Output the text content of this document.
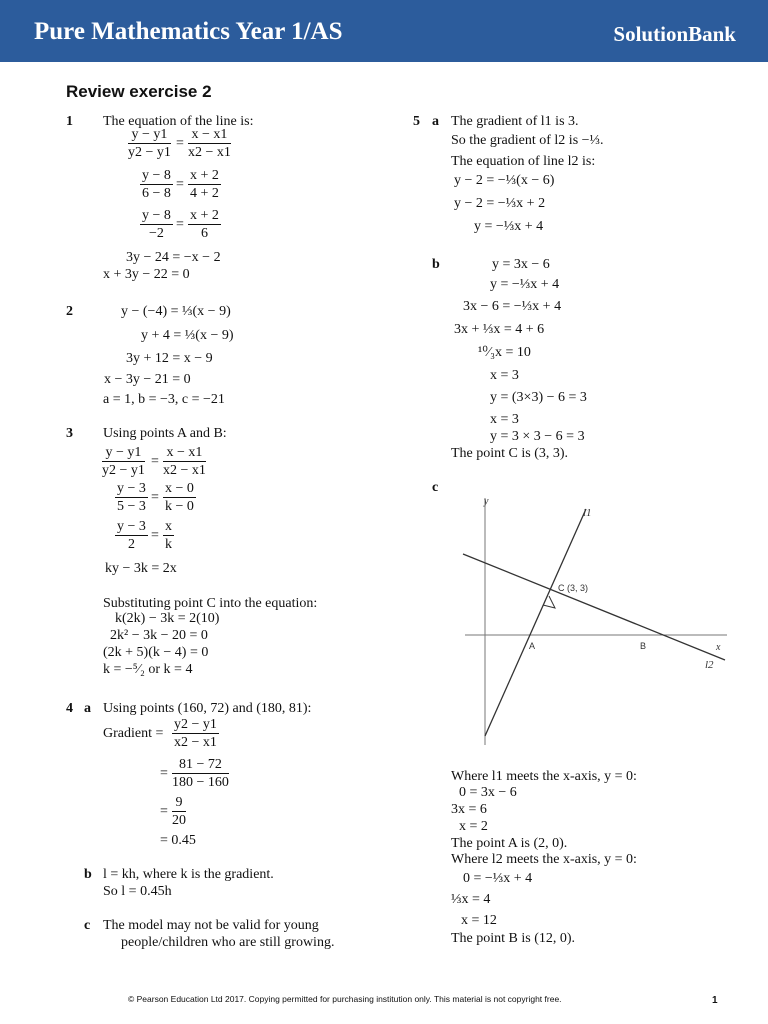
Pure Mathematics Year 1/AS	SolutionBank
Review exercise 2
1 The equation of the line is:
y − y1
y2 − y1
=
x − x1
x2 − x1
y − 8
6 − 8
=
x + 2
4 + 2
y − 8
−2
=
x + 2
6
3y − 24 = −x − 2
x + 3y − 22 = 0
2	y − (−4) = ⅓(x − 9)
y + 4 = ⅓(x − 9)
3y + 12 = x − 9
x − 3y − 21 = 0
a = 1, b = −3, c = −21
3 Using points A and B:
y − y1
y2 − y1
=
x − x1
x2 − x1
y − 3
5 − 3
=
x − 0
k − 0
y − 3
2
=
x
k
ky − 3k = 2x
Substituting point C into the equation:
k(2k) − 3k = 2(10)
2k² − 3k − 20 = 0
(2k + 5)(k − 4) = 0
k = −⁵⁄₂ or k = 4
4 a Using points (160, 72) and (180, 81):
Gradient =
y2 − y1
x2 − x1
=
81 − 72
180 − 160
=
9
20
= 0.45
b l = kh, where k is the gradient.
So l = 0.45h
c The model may not be valid for young
people/children who are still growing.
5 a The gradient of l1 is 3.
So the gradient of l2 is −⅓.
The equation of line l2 is:
y − 2 = −⅓(x − 6)
y − 2 = −⅓x + 2
y = −⅓x + 4
b	y = 3x − 6
y = −⅓x + 4
3x − 6 = −⅓x + 4
3x + ⅓x = 4 + 6
¹⁰⁄₃x = 10
x = 3
y = (3×3) − 6 = 3
x = 3
y = 3 × 3 − 6 = 3
The point C is (3, 3).
c
y
x
l1
l2
C (3, 3)
A	B
Where l1 meets the x-axis, y = 0:
0 = 3x − 6
3x = 6
x = 2
The point A is (2, 0).
Where l2 meets the x-axis, y = 0:
0 = −⅓x + 4
⅓x = 4
x = 12
The point B is (12, 0).
© Pearson Education Ltd 2017. Copying permitted for purchasing institution only. This material is not copyright free.	1
